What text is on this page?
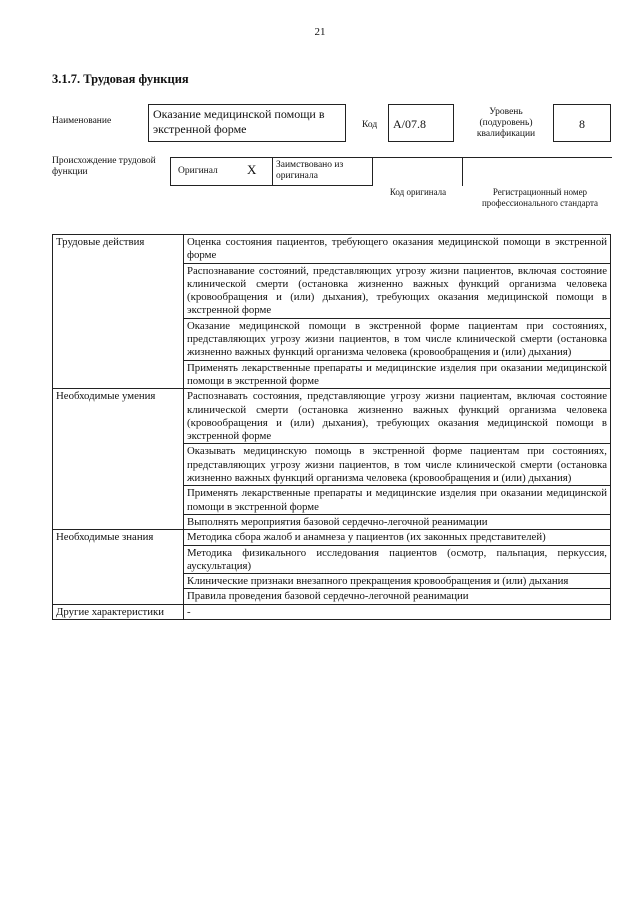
21
3.1.7. Трудовая функция
Наименование	Оказание медицинской помощи в экстренной форме	Код	A/07.8
Уровень (подуровень) квалификации
8
Происхождение трудовой функции	Оригинал X Заимствовано из оригинала
Код оригинала	Регистрационный номер профессионального стандарта
Трудовые действия	Оценка состояния пациентов, требующего оказания медицинской помощи в экстренной форме
	Распознавание состояний, представляющих угрозу жизни пациентов, включая состояние клинической смерти (остановка жизненно важных функций организма человека (кровообращения и (или) дыхания), требующих оказания медицинской помощи в экстренной форме
	Оказание медицинской помощи в экстренной форме пациентам при состояниях, представляющих угрозу жизни пациентов, в том числе клинической смерти (остановка жизненно важных функций организма человека (кровообращения и (или) дыхания)
	Применять лекарственные препараты и медицинские изделия при оказании медицинской помощи в экстренной форме
Необходимые умения	Распознавать состояния, представляющие угрозу жизни пациентам, включая состояние клинической смерти (остановка жизненно важных функций организма человека (кровообращения и (или) дыхания), требующих оказания медицинской помощи в экстренной форме
	Оказывать медицинскую помощь в экстренной форме пациентам при состояниях, представляющих угрозу жизни пациентов, в том числе клинической смерти (остановка жизненно важных функций организма человека (кровообращения и (или) дыхания)
	Применять лекарственные препараты и медицинские изделия при оказании медицинской помощи в экстренной форме
	Выполнять мероприятия базовой сердечно-легочной реанимации
Необходимые знания	Методика сбора жалоб и анамнеза у пациентов (их законных представителей)
	Методика физикального исследования пациентов (осмотр, пальпация, перкуссия, аускультация)
	Клинические признаки внезапного прекращения кровообращения и (или) дыхания
	Правила проведения базовой сердечно-легочной реанимации
Другие характеристики	-
